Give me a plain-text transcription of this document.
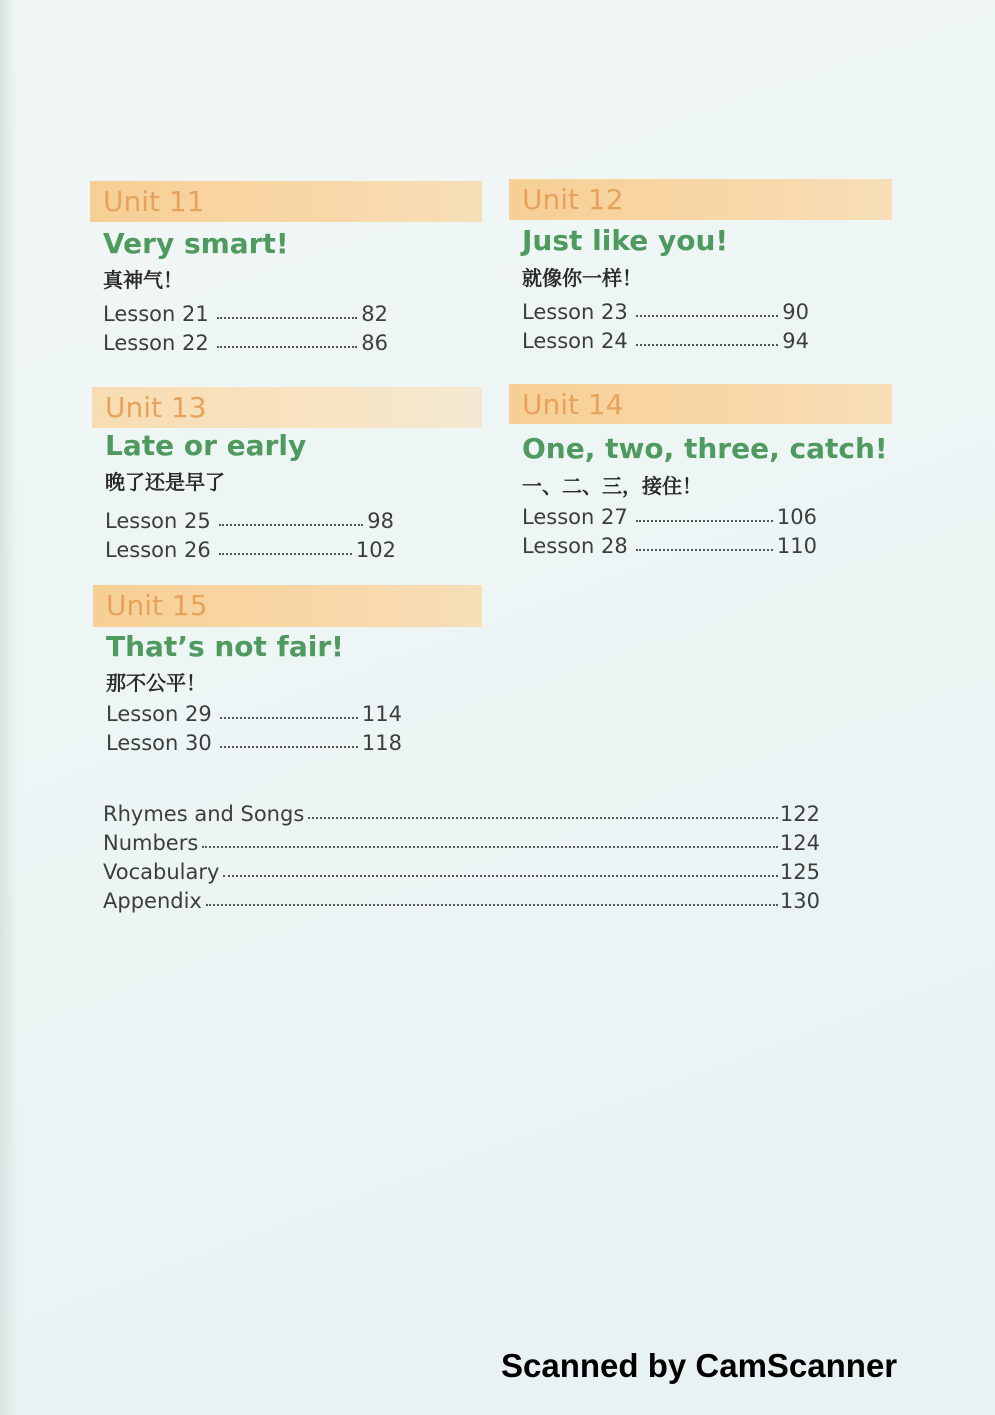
Unit 11
Very smart!
真神气！
Lesson 21	82
Lesson 22	86
Unit 12
Just like you!
就像你一样！
Lesson 23	90
Lesson 24	94
Unit 13
Late or early
晚了还是早了
Lesson 25	98
Lesson 26	102
Unit 14
One, two, three, catch!
一、二、三，接住！
Lesson 27	106
Lesson 28	110
Unit 15
That’s not fair!
那不公平！
Lesson 29	114
Lesson 30	118
Rhymes and Songs	122
Numbers	124
Vocabulary	125
Appendix	130
Scanned by CamScanner
